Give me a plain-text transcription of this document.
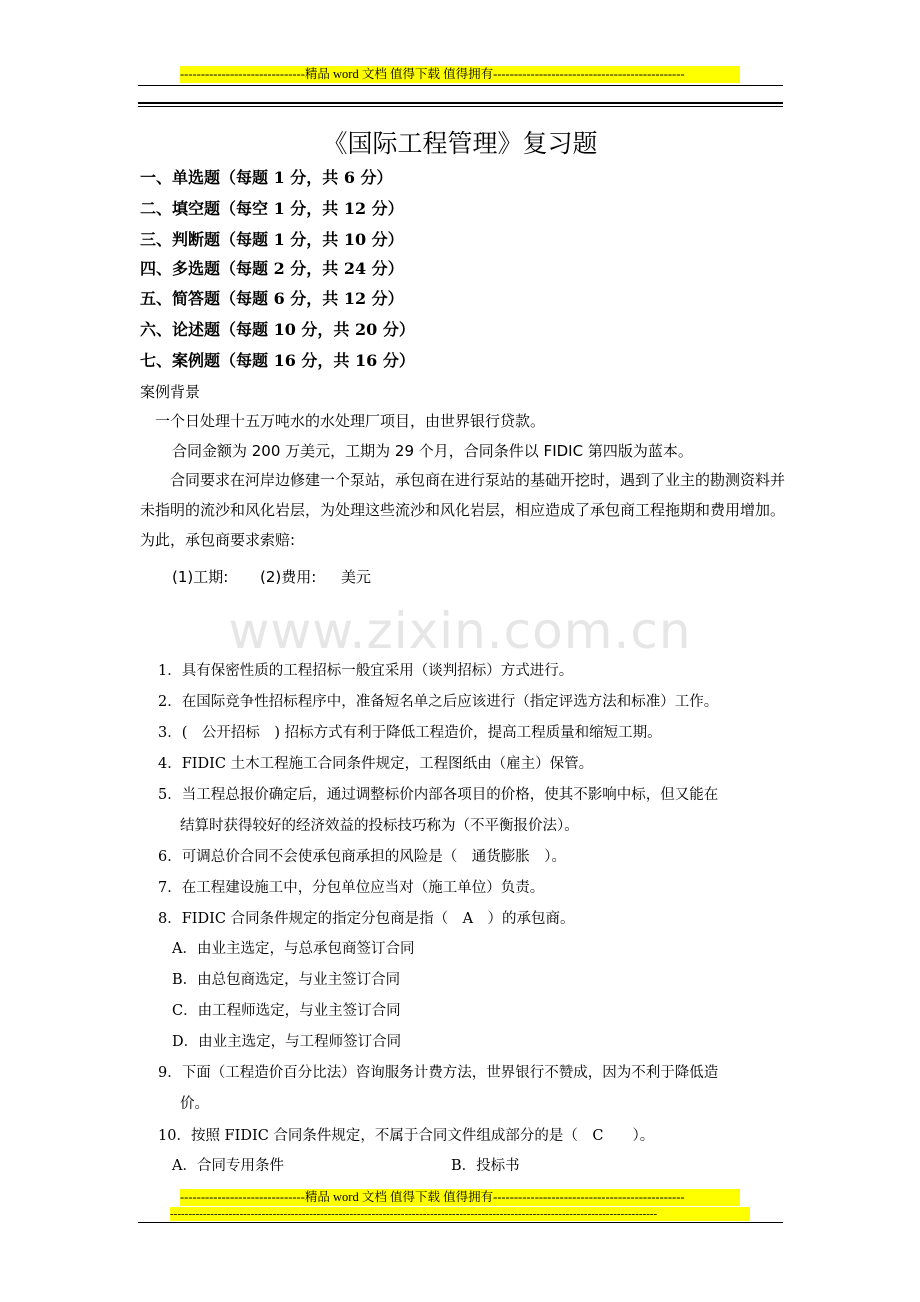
------------------------------精品 word 文档 值得下载 值得拥有----------------------------------------------
《国际工程管理》复习题
一、单选题（每题 1 分，共 6 分）
二、填空题（每空 1 分，共 12 分）
三、判断题（每题 1 分，共 10 分）
四、多选题（每题 2 分，共 24 分）
五、简答题（每题 6 分，共 12 分）
六、论述题（每题 10 分，共 20 分）
七、案例题（每题 16 分，共 16 分）
案例背景
一个日处理十五万吨水的水处理厂项目，由世界银行贷款。
合同金额为 200 万美元，工期为 29 个月，合同条件以 FIDIC 第四版为蓝本。
合同要求在河岸边修建一个泵站，承包商在进行泵站的基础开挖时，遇到了业主的勘测资料并未指明的流沙和风化岩层，为处理这些流沙和风化岩层，相应造成了承包商工程拖期和费用增加。为此，承包商要求索赔:
(1)工期: (2)费用: 美元
www.zixin.com.cn
1．具有保密性质的工程招标一般宜采用（谈判招标）方式进行。
2．在国际竞争性招标程序中，准备短名单之后应该进行（指定评选方法和标准）工作。
3．(　公开招标　) 招标方式有利于降低工程造价，提高工程质量和缩短工期。
4．FIDIC 土木工程施工合同条件规定，工程图纸由（雇主）保管。
5．当工程总报价确定后，通过调整标价内部各项目的价格，使其不影响中标，但又能在
结算时获得较好的经济效益的投标技巧称为（不平衡报价法）。
6．可调总价合同不会使承包商承担的风险是（　通货膨胀　）。
7．在工程建设施工中，分包单位应当对（施工单位）负责。
8．FIDIC 合同条件规定的指定分包商是指（　A　）的承包商。
A．由业主选定，与总承包商签订合同
B．由总包商选定，与业主签订合同
C．由工程师选定，与业主签订合同
D．由业主选定，与工程师签订合同
9．下面（工程造价百分比法）咨询服务计费方法，世界银行不赞成，因为不利于降低造
价。
10．按照 FIDIC 合同条件规定，不属于合同文件组成部分的是（　C　　）。
A．合同专用条件	B．投标书
------------------------------精品 word 文档 值得下载 值得拥有----------------------------------------------
-------------------------------------------------------------------------------------------------------------------------------------
